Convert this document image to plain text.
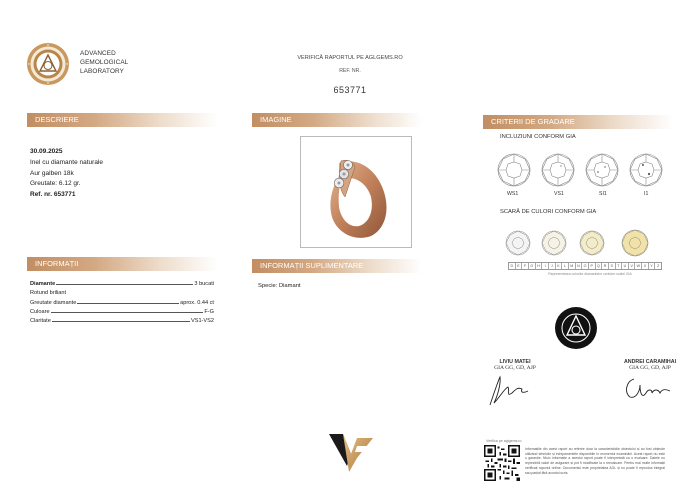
ADVANCED
GEMOLOGICAL
LABORATORY
VERIFICĂ RAPORTUL PE AGLGEMS.RO
REF. NR.
653771
DESCRIERE	IMAGINE	CRITERII DE GRADARE
INFORMAȚII	INFORMAȚII SUPLIMENTARE
30.09.2025
Inel cu diamante naturale
Aur galben 18k
Greutate: 6.12 gr.
Ref. nr. 653771
Diamante	3 bucati
Rotund briliant
Greutate diamante	aprox. 0.44 ct
Culoare	F-G
Claritate	VS1-VS2
Specie: Diamant
INCLUZIUNI CONFORM GIA
WS1	VS1	SI1	I1
SCARĂ DE CULORI CONFORM GIA
D	E	F	G	H	I	J	K	L	M	N	O	P	Q	R	S	T	U	V	W	X	Y	Z
Reprezentarea culorilor diamantelor conform scalei GIA
LIVIU MATEI
GIA GG, GD, AJP
ANDREI CARAMIHAI
GIA GG, GD, AJP
Verifica pe aglgems.ro
Informațiile din acest raport au referire doar la caracteristicile obiectului și au fost obținute utilizând tehnicile și echipamentele disponibile în momentul examinării. Acest raport nu este o garanție. Nicio informație a acestui raport poate fi interpretată ca o evaluare. Datele nu reprezintă valori de asigurare și pot fi modificate la o reevaluare. Pentru mai multe informații verificați raportul online. Documentul este proprietatea AGL și nu poate fi reprodus integral sau parțial fără acordul scris.
